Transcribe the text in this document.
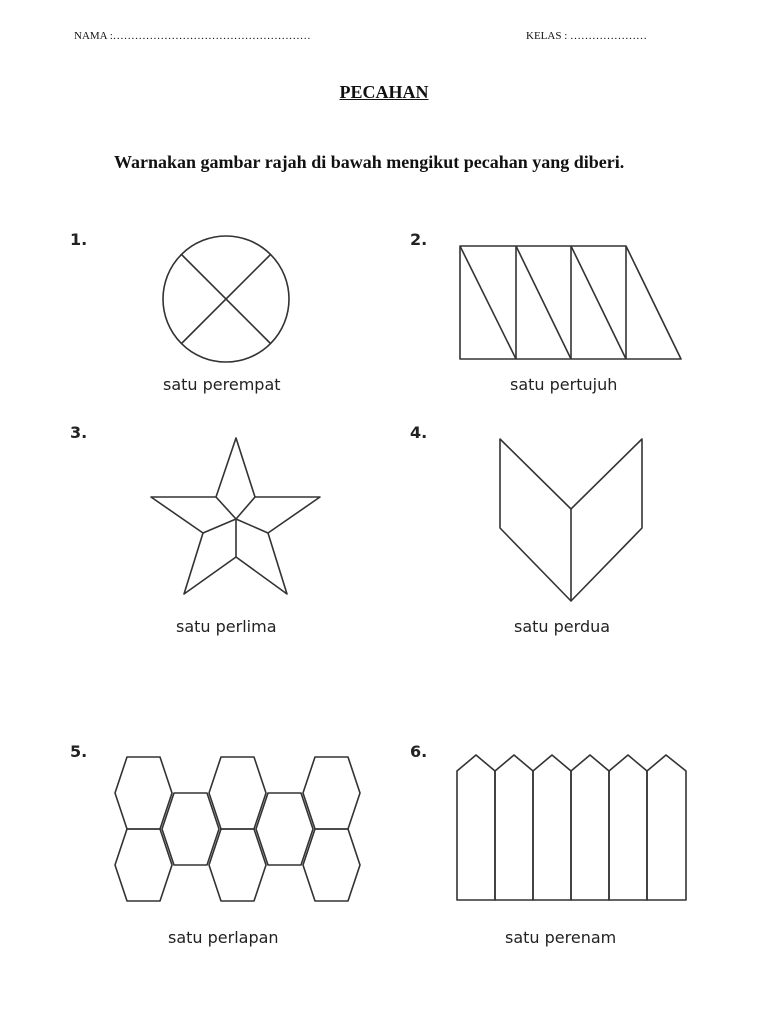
NAMA :………………………………………………	KELAS : …………………
PECAHAN
Warnakan gambar rajah di bawah mengikut pecahan yang diberi.
1.	2.
3.	4.
5.	6.
satu perempat	satu pertujuh
satu perlima	satu perdua
satu perlapan	satu perenam
